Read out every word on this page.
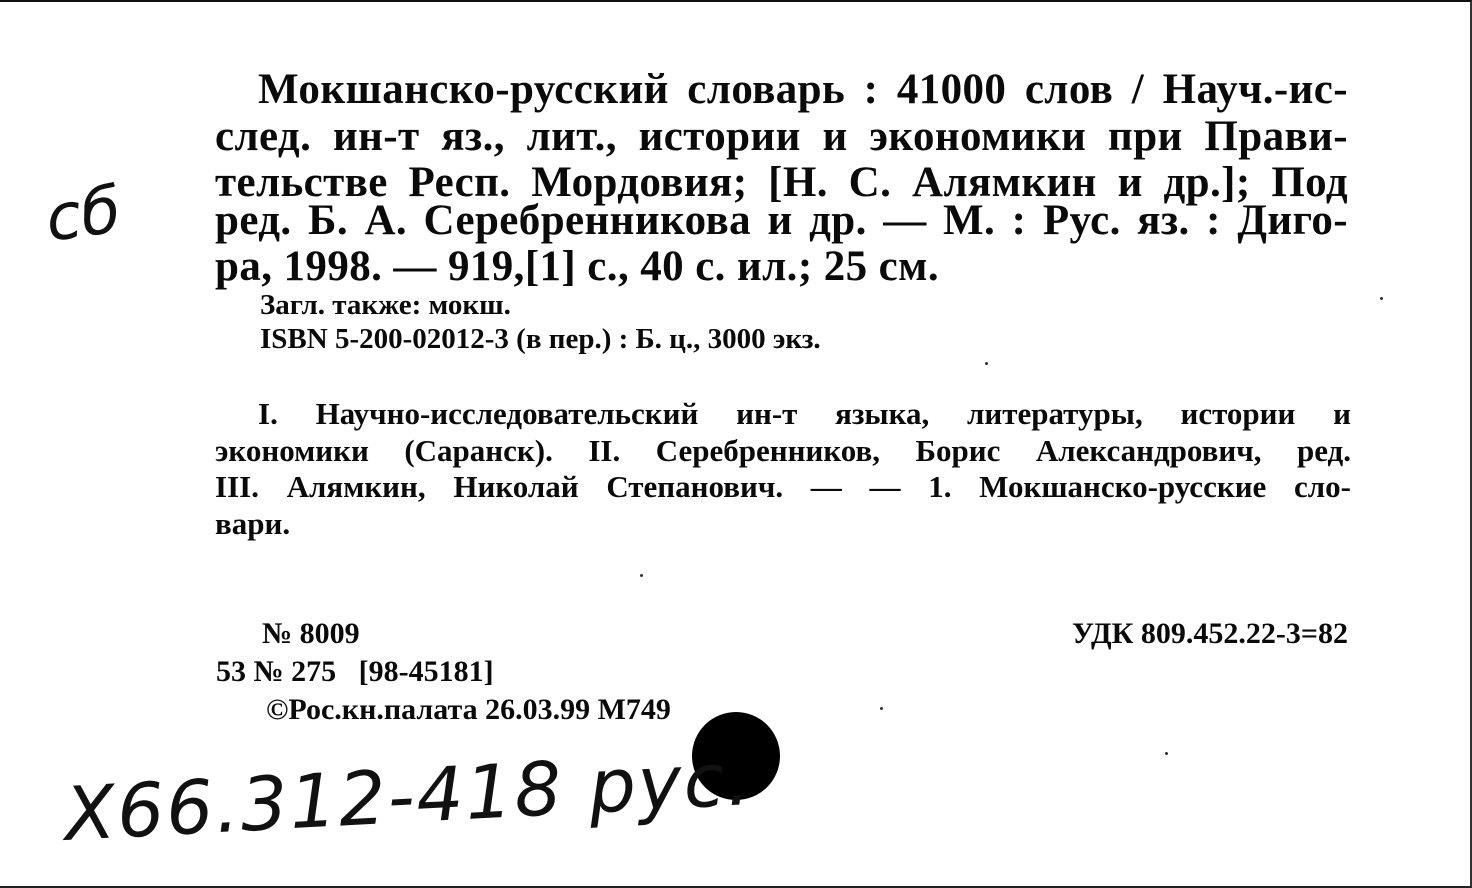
сб
Мокшанско-русский словарь : 41000 слов / Науч.-ис-
след. ин-т яз., лит., истории и экономики при Прави-
тельстве Респ. Мордовия; [Н. С. Алямкин и др.]; Под
ред. Б. А. Серебренникова и др. — М. : Рус. яз. : Диго-
ра, 1998. — 919,[1] с., 40 с. ил.; 25 см.
Загл. также: мокш.
ISBN 5-200-02012-3 (в пер.) : Б. ц., 3000 экз.
I. Научно-исследовательский ин-т языка, литературы, истории и
экономики (Саранск). II. Серебренников, Борис Александрович, ред.
III. Алямкин, Николай Степанович. — — 1. Мокшанско-русские сло-
вари.
№ 8009	УДК 809.452.22-3=82
53 № 275   [98-45181]
©Рос.кн.палата 26.03.99 М749
X66.312-418 рус.
